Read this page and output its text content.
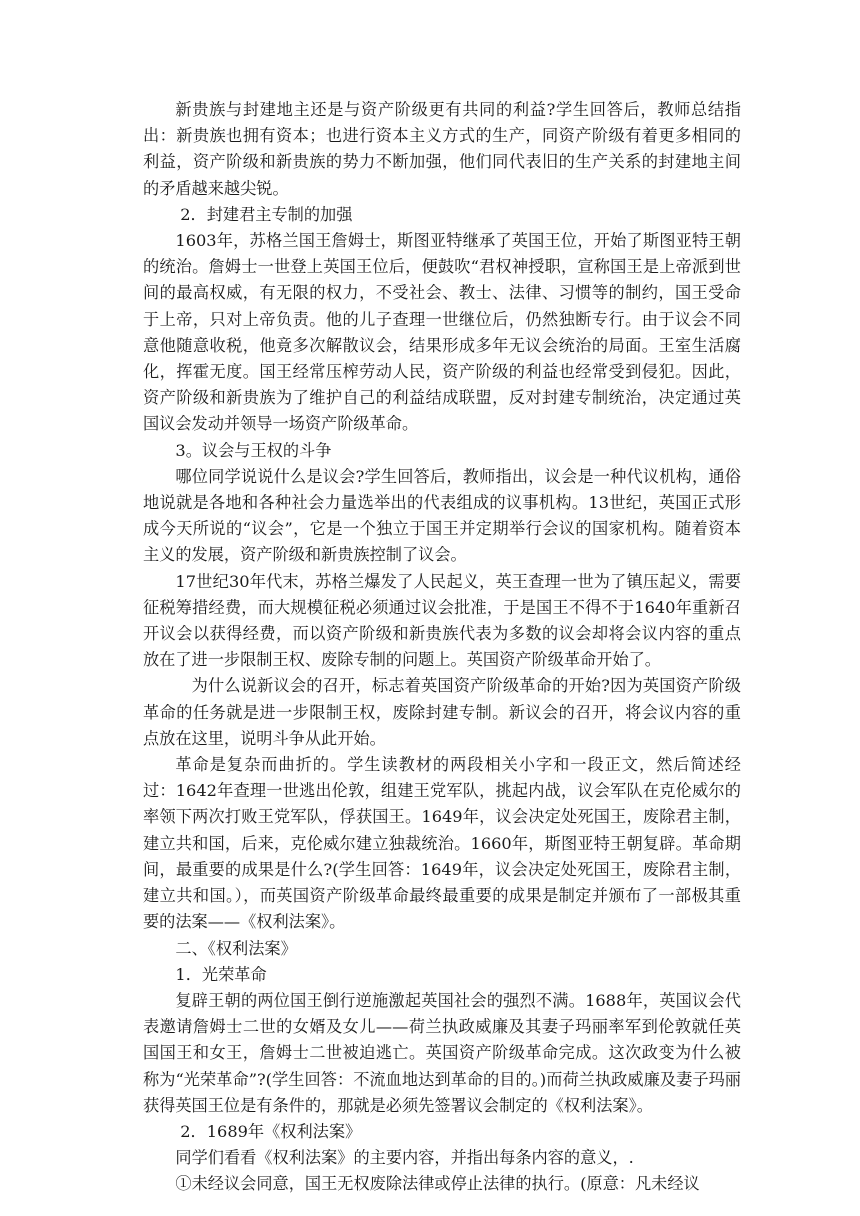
新贵族与封建地主还是与资产阶级更有共同的利益?学生回答后，教师总结指出：新贵族也拥有资本；也进行资本主义方式的生产，同资产阶级有着更多相同的利益，资产阶级和新贵族的势力不断加强，他们同代表旧的生产关系的封建地主间的矛盾越来越尖锐。

2．封建君主专制的加强

1603年，苏格兰国王詹姆士，斯图亚特继承了英国王位，开始了斯图亚特王朝的统治。詹姆士一世登上英国王位后，便鼓吹“君权神授职，宣称国王是上帝派到世间的最高权威，有无限的权力，不受社会、教士、法律、习惯等的制约，国王受命于上帝，只对上帝负责。他的儿子查理一世继位后，仍然独断专行。由于议会不同意他随意收税，他竟多次解散议会，结果形成多年无议会统治的局面。王室生活腐化，挥霍无度。国王经常压榨劳动人民，资产阶级的利益也经常受到侵犯。因此，资产阶级和新贵族为了维护自己的利益结成联盟，反对封建专制统治，决定通过英国议会发动并领导一场资产阶级革命。

3。议会与王权的斗争

哪位同学说说什么是议会?学生回答后，教师指出，议会是一种代议机构，通俗地说就是各地和各种社会力量选举出的代表组成的议事机构。13世纪，英国正式形成今天所说的“议会”，它是一个独立于国王并定期举行会议的国家机构。随着资本主义的发展，资产阶级和新贵族控制了议会。

17世纪30年代末，苏格兰爆发了人民起义，英王查理一世为了镇压起义，需要征税筹措经费，而大规模征税必须通过议会批准，于是国王不得不于1640年重新召开议会以获得经费，而以资产阶级和新贵族代表为多数的议会却将会议内容的重点放在了进一步限制王权、废除专制的问题上。英国资产阶级革命开始了。

为什么说新议会的召开，标志着英国资产阶级革命的开始?因为英国资产阶级革命的任务就是进一步限制王权，废除封建专制。新议会的召开，将会议内容的重点放在这里，说明斗争从此开始。

革命是复杂而曲折的。学生读教材的两段相关小字和一段正文，然后简述经过：1642年查理一世逃出伦敦，组建王党军队，挑起内战，议会军队在克伦威尔的率领下两次打败王党军队，俘获国王。1649年，议会决定处死国王，废除君主制，建立共和国，后来，克伦威尔建立独裁统治。1660年，斯图亚特王朝复辟。革命期间，最重要的成果是什么?(学生回答：1649年，议会决定处死国王，废除君主制，建立共和国。），而英国资产阶级革命最终最重要的成果是制定并颁布了一部极其重要的法案——《权利法案》。

二、《权利法案》

1．光荣革命

复辟王朝的两位国王倒行逆施激起英国社会的强烈不满。1688年，英国议会代表邀请詹姆士二世的女婿及女儿——荷兰执政威廉及其妻子玛丽率军到伦敦就任英国国王和女王，詹姆士二世被迫逃亡。英国资产阶级革命完成。这次政变为什么被称为“光荣革命”?(学生回答：不流血地达到革命的目的。)而荷兰执政威廉及妻子玛丽获得英国王位是有条件的，那就是必须先签署议会制定的《权利法案》。

2．1689年《权利法案》

同学们看看《权利法案》的主要内容，并指出每条内容的意义，.

①未经议会同意，国王无权废除法律或停止法律的执行。(原意：凡未经议
